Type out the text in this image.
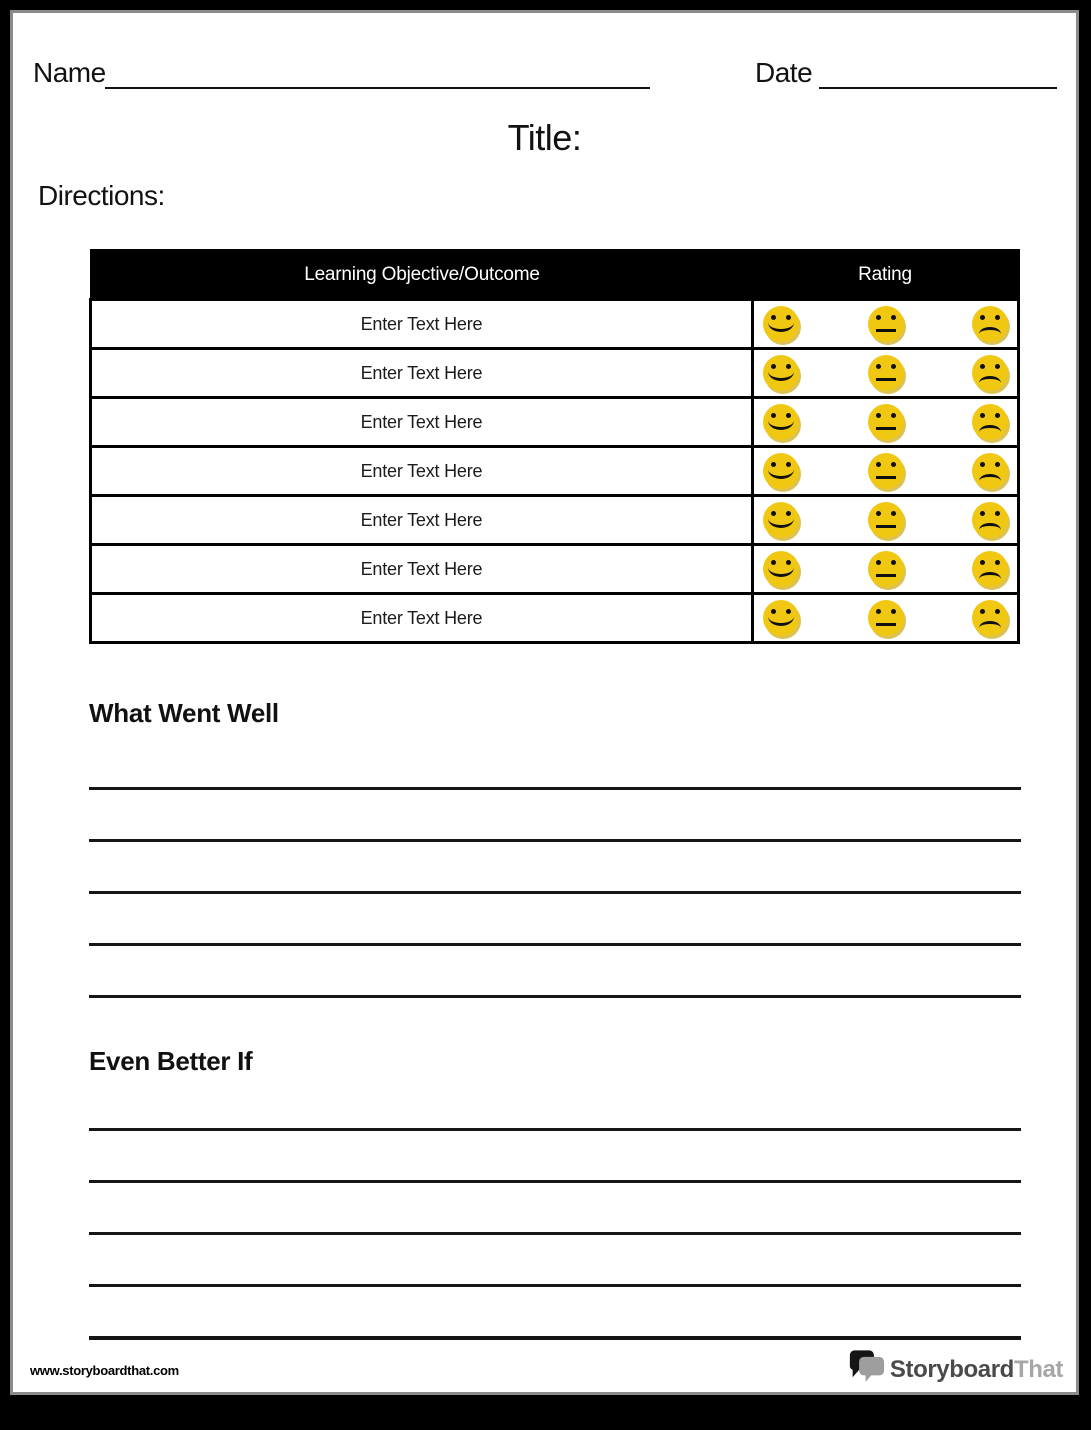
Name	Date
Title:
Directions:
Learning Objective/Outcome	Rating
Enter Text Here	

Enter Text Here	

Enter Text Here	

Enter Text Here	

Enter Text Here	

Enter Text Here	

Enter Text Here	
What Went Well
Even Better If
www.storyboardthat.com	StoryboardThat
